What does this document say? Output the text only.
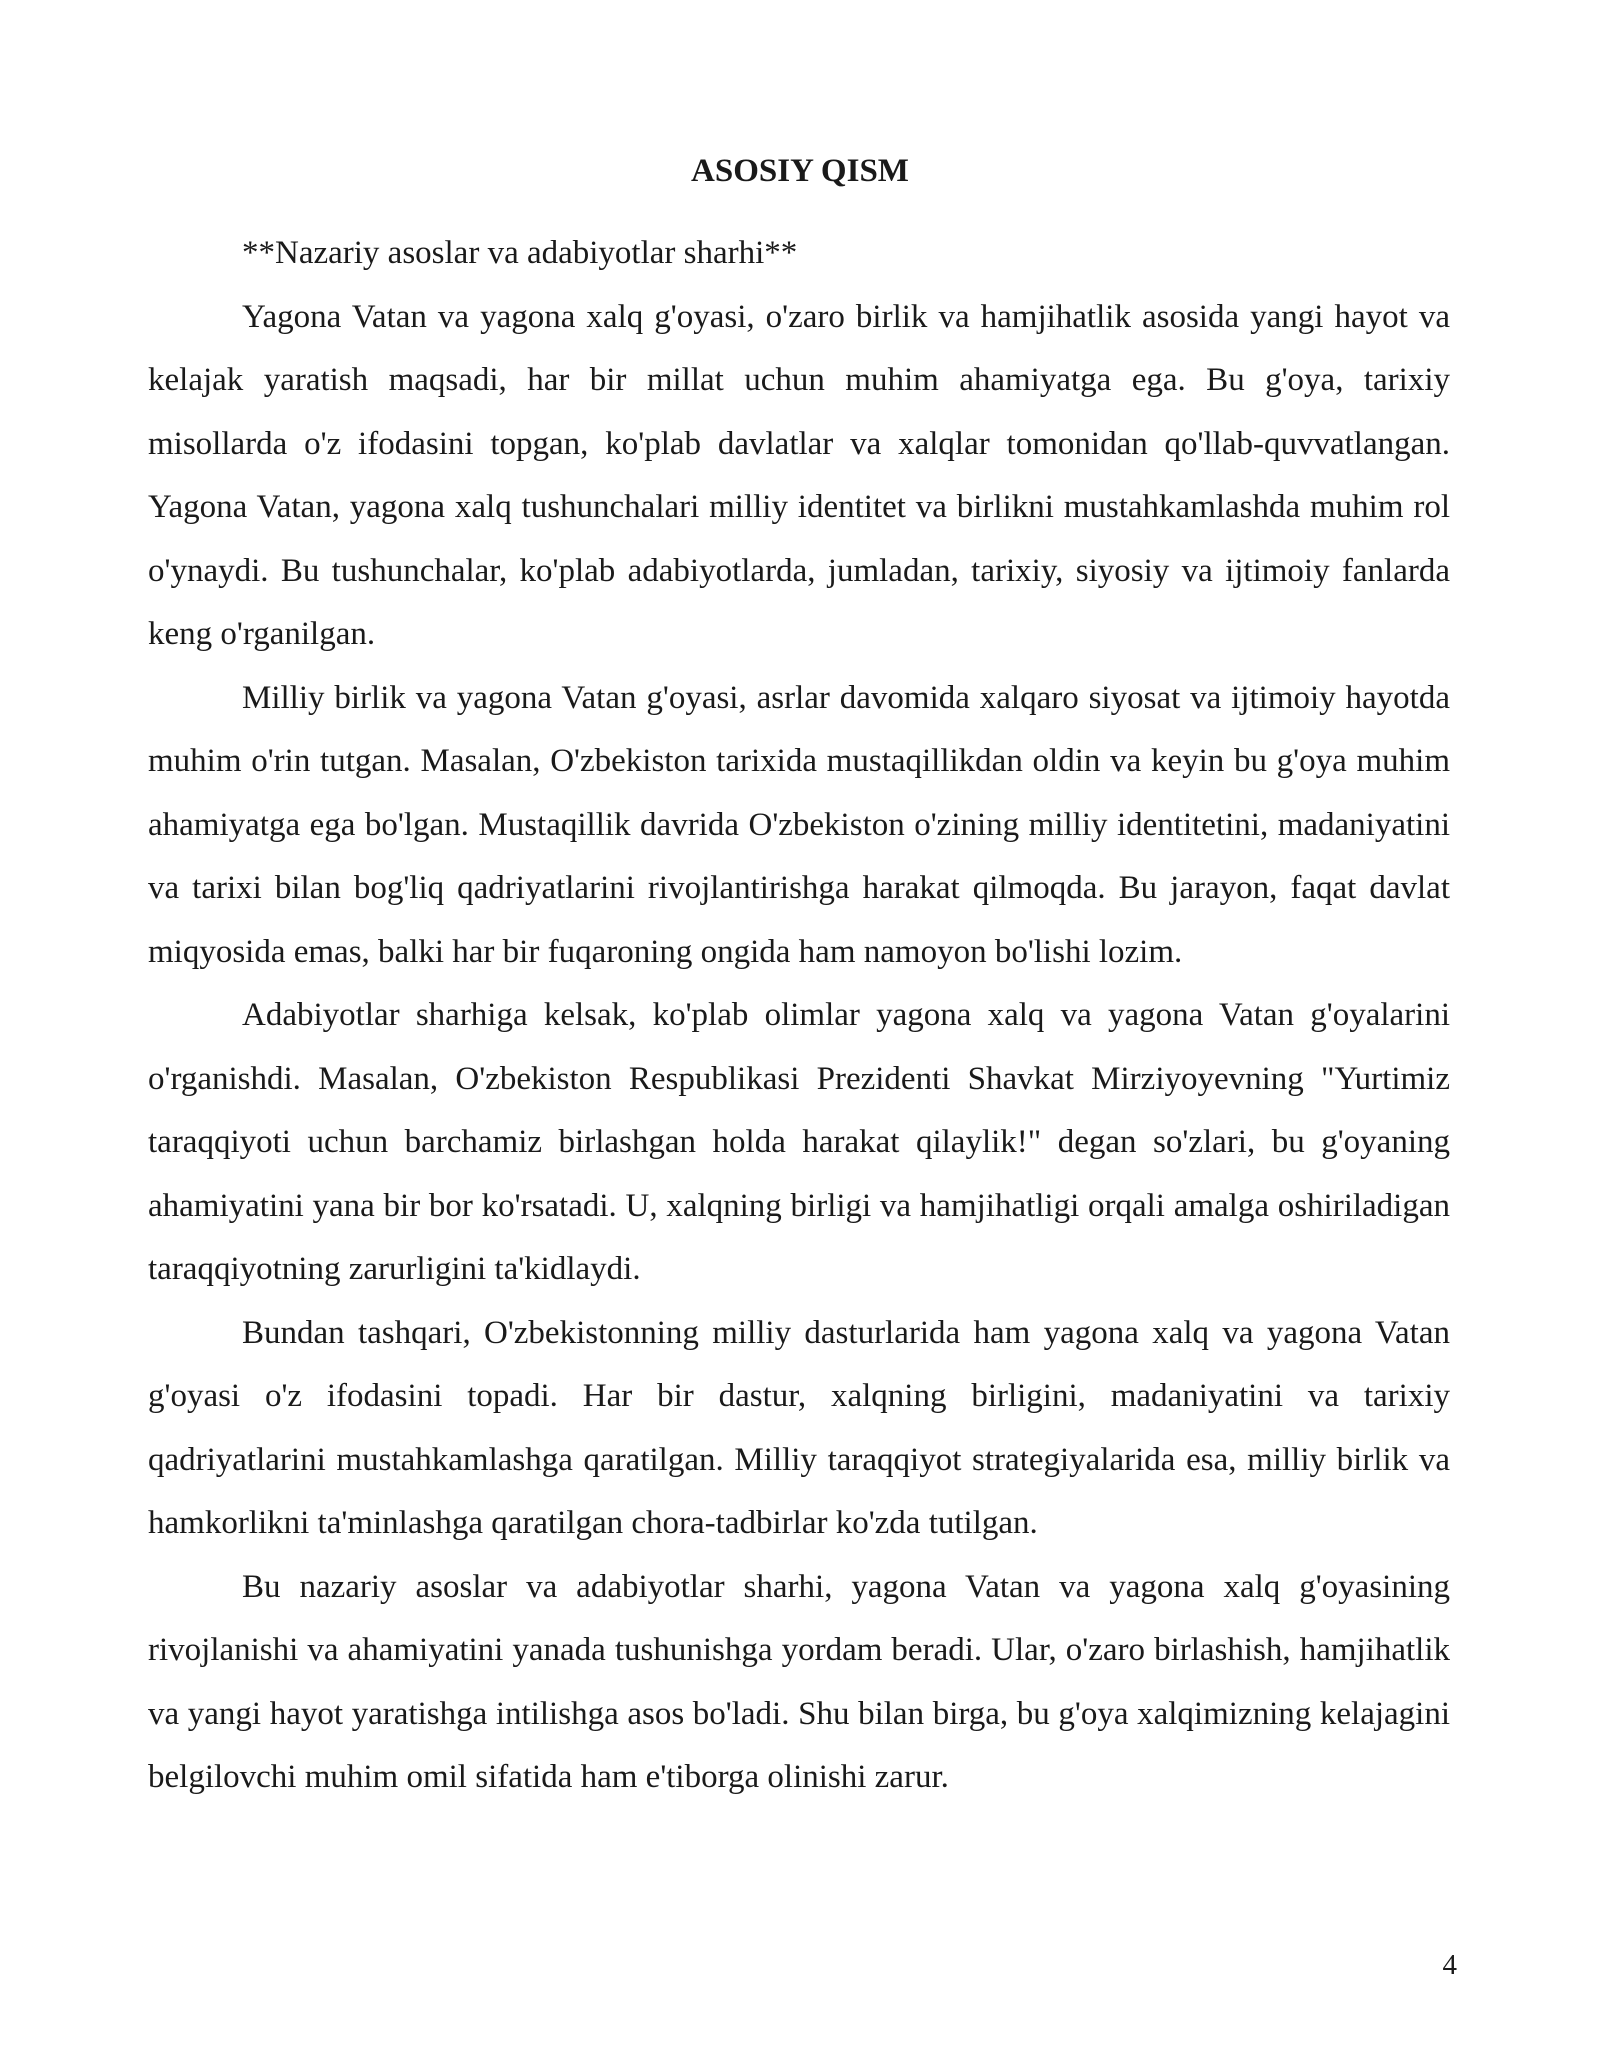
ASOSIY QISM

**Nazariy asoslar va adabiyotlar sharhi**

Yagona Vatan va yagona xalq g'oyasi, o'zaro birlik va hamjihatlik asosida yangi hayot va kelajak yaratish maqsadi, har bir millat uchun muhim ahamiyatga ega. Bu g'oya, tarixiy misollarda o'z ifodasini topgan, ko'plab davlatlar va xalqlar tomonidan qo'llab-quvvatlangan. Yagona Vatan, yagona xalq tushunchalari milliy identitet va birlikni mustahkamlashda muhim rol o'ynaydi. Bu tushunchalar, ko'plab adabiyotlarda, jumladan, tarixiy, siyosiy va ijtimoiy fanlarda keng o'rganilgan.

Milliy birlik va yagona Vatan g'oyasi, asrlar davomida xalqaro siyosat va ijtimoiy hayotda muhim o'rin tutgan. Masalan, O'zbekiston tarixida mustaqillikdan oldin va keyin bu g'oya muhim ahamiyatga ega bo'lgan. Mustaqillik davrida O'zbekiston o'zining milliy identitetini, madaniyatini va tarixi bilan bog'liq qadriyatlarini rivojlantirishga harakat qilmoqda. Bu jarayon, faqat davlat miqyosida emas, balki har bir fuqaroning ongida ham namoyon bo'lishi lozim.

Adabiyotlar sharhiga kelsak, ko'plab olimlar yagona xalq va yagona Vatan g'oyalarini o'rganishdi. Masalan, O'zbekiston Respublikasi Prezidenti Shavkat Mirziyoyevning "Yurtimiz taraqqiyoti uchun barchamiz birlashgan holda harakat qilaylik!" degan so'zlari, bu g'oyaning ahamiyatini yana bir bor ko'rsatadi. U, xalqning birligi va hamjihatligi orqali amalga oshiriladigan taraqqiyotning zarurligini ta'kidlaydi.

Bundan tashqari, O'zbekistonning milliy dasturlarida ham yagona xalq va yagona Vatan g'oyasi o'z ifodasini topadi. Har bir dastur, xalqning birligini, madaniyatini va tarixiy qadriyatlarini mustahkamlashga qaratilgan. Milliy taraqqiyot strategiyalarida esa, milliy birlik va hamkorlikni ta'minlashga qaratilgan chora-tadbirlar ko'zda tutilgan.

Bu nazariy asoslar va adabiyotlar sharhi, yagona Vatan va yagona xalq g'oyasining rivojlanishi va ahamiyatini yanada tushunishga yordam beradi. Ular, o'zaro birlashish, hamjihatlik va yangi hayot yaratishga intilishga asos bo'ladi. Shu bilan birga, bu g'oya xalqimizning kelajagini belgilovchi muhim omil sifatida ham e'tiborga olinishi zarur.

4
